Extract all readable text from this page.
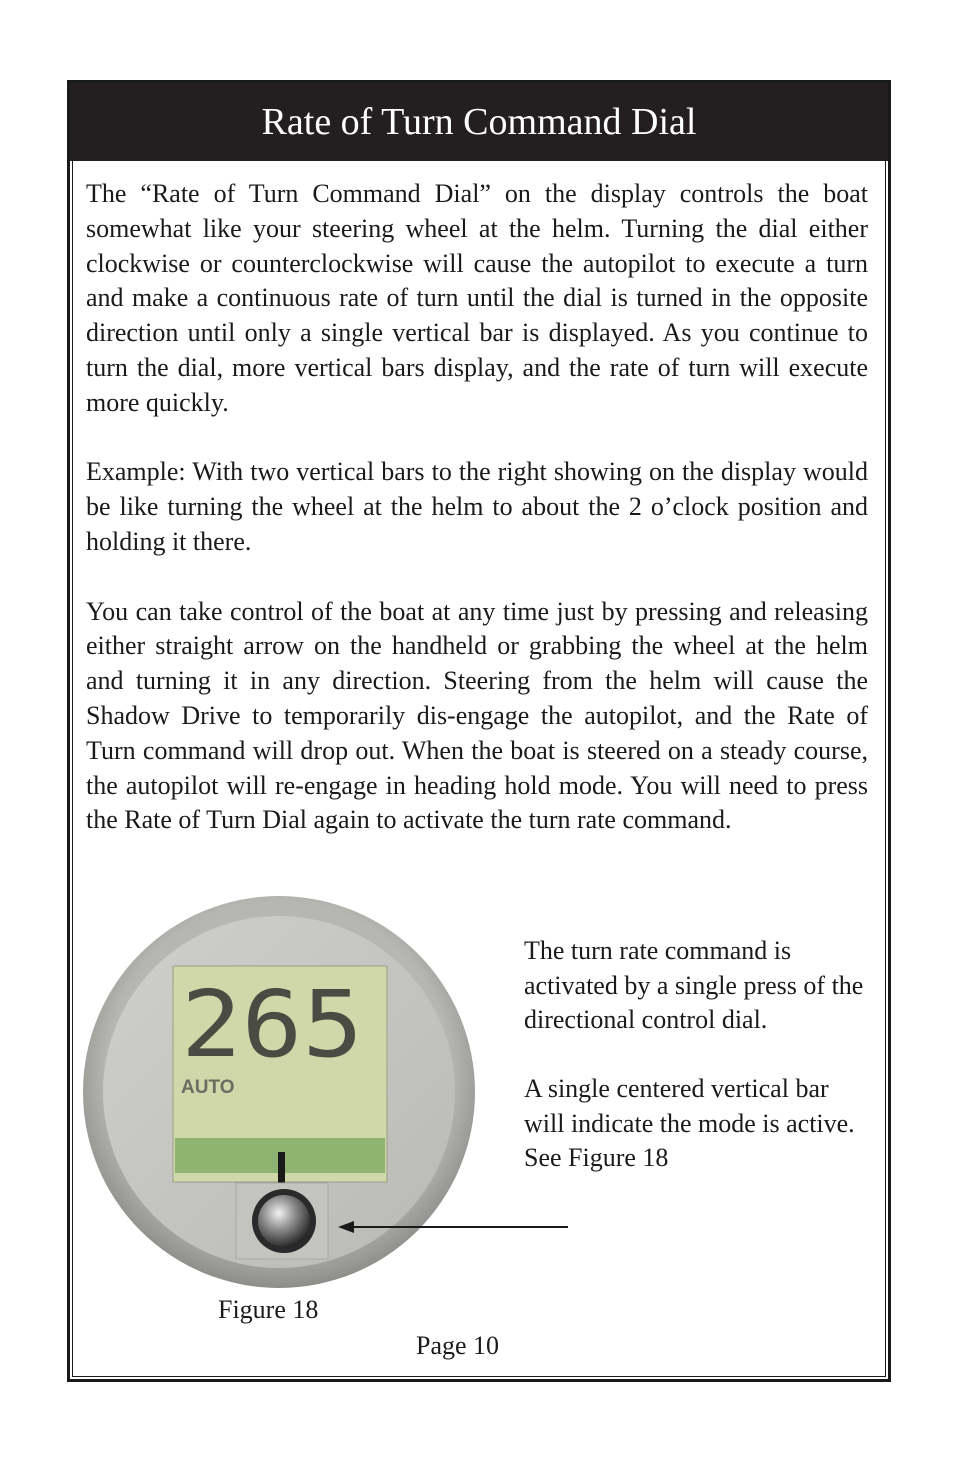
Rate of Turn Command Dial

The “Rate of Turn Command Dial” on the display controls the boat somewhat like your steering wheel at the helm. Turning the dial either clockwise or counterclockwise will cause the autopilot to execute a turn and make a continuous rate of turn until the dial is turned in the opposite direction until only a single vertical bar is displayed. As you continue to turn the dial, more vertical bars display, and the rate of turn will execute more quickly.

Example: With two vertical bars to the right showing on the display would be like turning the wheel at the helm to about the 2 o’clock position and holding it there.

You can take control of the boat at any time just by pressing and releasing either straight arrow on the handheld or grabbing the wheel at the helm and turning it in any direction. Steering from the helm will cause the Shadow Drive to temporarily dis-engage the autopilot, and the Rate of Turn command will drop out. When the boat is steered on a steady course, the autopilot will re-engage in heading hold mode. You will need to press the Rate of Turn Dial again to activate the turn rate command.

265
AUTO

The turn rate command is activated by a single press of the directional control dial.

A single centered vertical bar will indicate the mode is active. See Figure 18

Figure 18
Page 10
